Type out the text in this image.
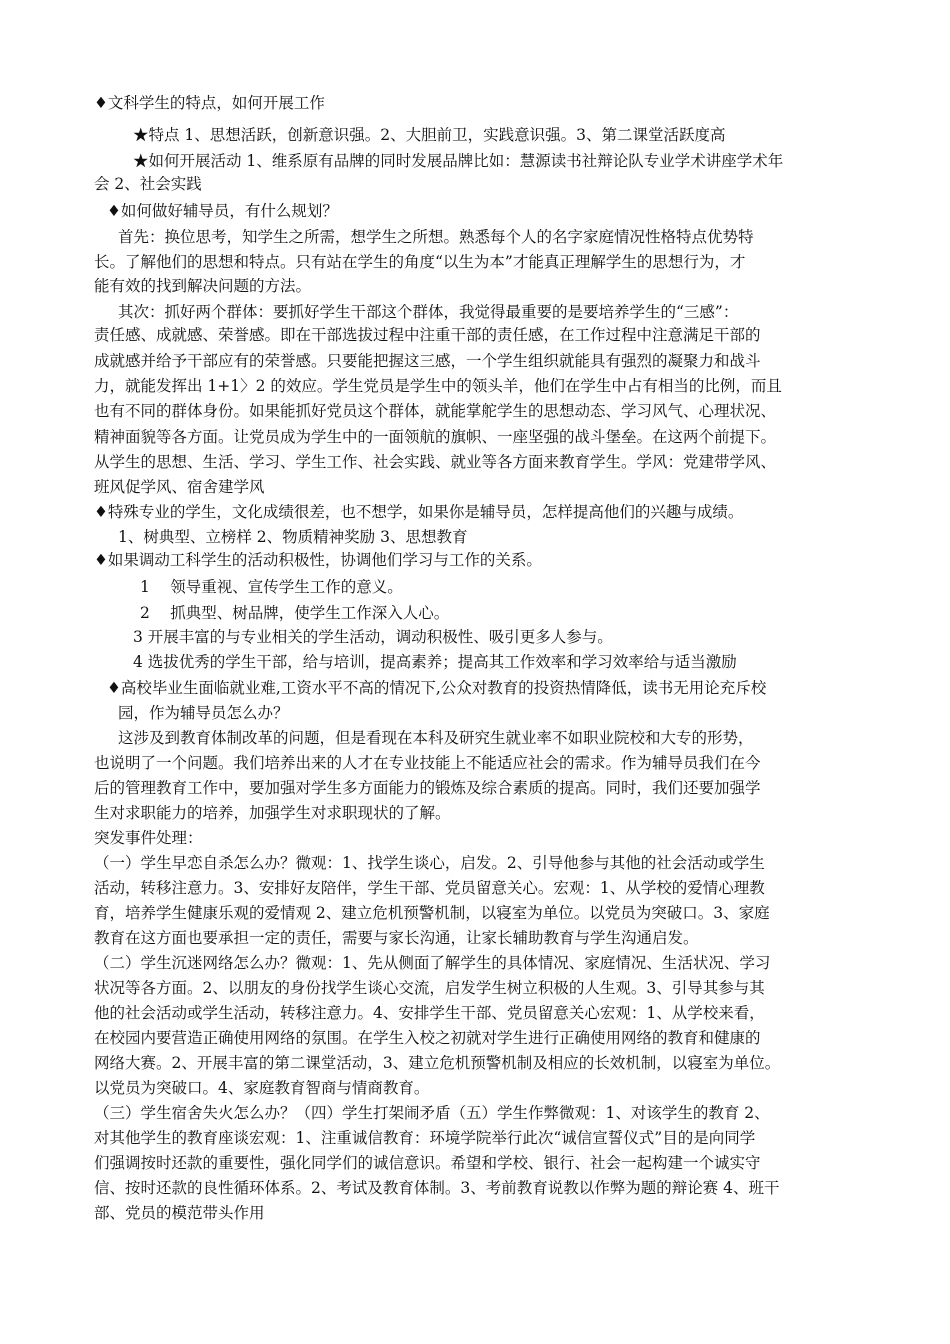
♦文科学生的特点，如何开展工作
★特点 1、思想活跃，创新意识强。2、大胆前卫，实践意识强。3、第二课堂活跃度高
★如何开展活动 1、维系原有品牌的同时发展品牌比如：慧源读书社辩论队专业学术讲座学术年
会 2、社会实践
♦如何做好辅导员，有什么规划？
首先：换位思考，知学生之所需，想学生之所想。熟悉每个人的名字家庭情况性格特点优势特
长。了解他们的思想和特点。只有站在学生的角度“以生为本”才能真正理解学生的思想行为，才
能有效的找到解决问题的方法。
其次：抓好两个群体：要抓好学生干部这个群体，我觉得最重要的是要培养学生的“三感”：
责任感、成就感、荣誉感。即在干部选拔过程中注重干部的责任感，在工作过程中注意满足干部的
成就感并给予干部应有的荣誉感。只要能把握这三感，一个学生组织就能具有强烈的凝聚力和战斗
力，就能发挥出 1+1〉2 的效应。学生党员是学生中的领头羊，他们在学生中占有相当的比例，而且
也有不同的群体身份。如果能抓好党员这个群体，就能掌舵学生的思想动态、学习风气、心理状况、
精神面貌等各方面。让党员成为学生中的一面领航的旗帜、一座坚强的战斗堡垒。在这两个前提下。
从学生的思想、生活、学习、学生工作、社会实践、就业等各方面来教育学生。学风：党建带学风、
班风促学风、宿舍建学风
♦特殊专业的学生，文化成绩很差，也不想学，如果你是辅导员，怎样提高他们的兴趣与成绩。
1、树典型、立榜样 2、物质精神奖励 3、思想教育
♦如果调动工科学生的活动积极性，协调他们学习与工作的关系。
1　 领导重视、宣传学生工作的意义。
2　 抓典型、树品牌，使学生工作深入人心。
3 开展丰富的与专业相关的学生活动，调动积极性、吸引更多人参与。
4 选拔优秀的学生干部，给与培训，提高素养；提高其工作效率和学习效率给与适当激励
♦高校毕业生面临就业难,工资水平不高的情况下,公众对教育的投资热情降低，读书无用论充斥校
园，作为辅导员怎么办？
这涉及到教育体制改革的问题，但是看现在本科及研究生就业率不如职业院校和大专的形势，
也说明了一个问题。我们培养出来的人才在专业技能上不能适应社会的需求。作为辅导员我们在今
后的管理教育工作中，要加强对学生多方面能力的锻炼及综合素质的提高。同时，我们还要加强学
生对求职能力的培养，加强学生对求职现状的了解。
突发事件处理：
（一）学生早恋自杀怎么办？微观：1、找学生谈心，启发。2、引导他参与其他的社会活动或学生
活动，转移注意力。3、安排好友陪伴，学生干部、党员留意关心。宏观：1、从学校的爱情心理教
育，培养学生健康乐观的爱情观 2、建立危机预警机制，以寝室为单位。以党员为突破口。3、家庭
教育在这方面也要承担一定的责任，需要与家长沟通，让家长辅助教育与学生沟通启发。
（二）学生沉迷网络怎么办？微观：1、先从侧面了解学生的具体情况、家庭情况、生活状况、学习
状况等各方面。2、以朋友的身份找学生谈心交流，启发学生树立积极的人生观。3、引导其参与其
他的社会活动或学生活动，转移注意力。4、安排学生干部、党员留意关心宏观：1、从学校来看，
在校园内要营造正确使用网络的氛围。在学生入校之初就对学生进行正确使用网络的教育和健康的
网络大赛。2、开展丰富的第二课堂活动，3、建立危机预警机制及相应的长效机制，以寝室为单位。
以党员为突破口。4、家庭教育智商与情商教育。
（三）学生宿舍失火怎么办？（四）学生打架闹矛盾（五）学生作弊微观：1、对该学生的教育 2、
对其他学生的教育座谈宏观：1、注重诚信教育：环境学院举行此次“诚信宣誓仪式”目的是向同学
们强调按时还款的重要性，强化同学们的诚信意识。希望和学校、银行、社会一起构建一个诚实守
信、按时还款的良性循环体系。2、考试及教育体制。3、考前教育说教以作弊为题的辩论赛 4、班干
部、党员的模范带头作用
